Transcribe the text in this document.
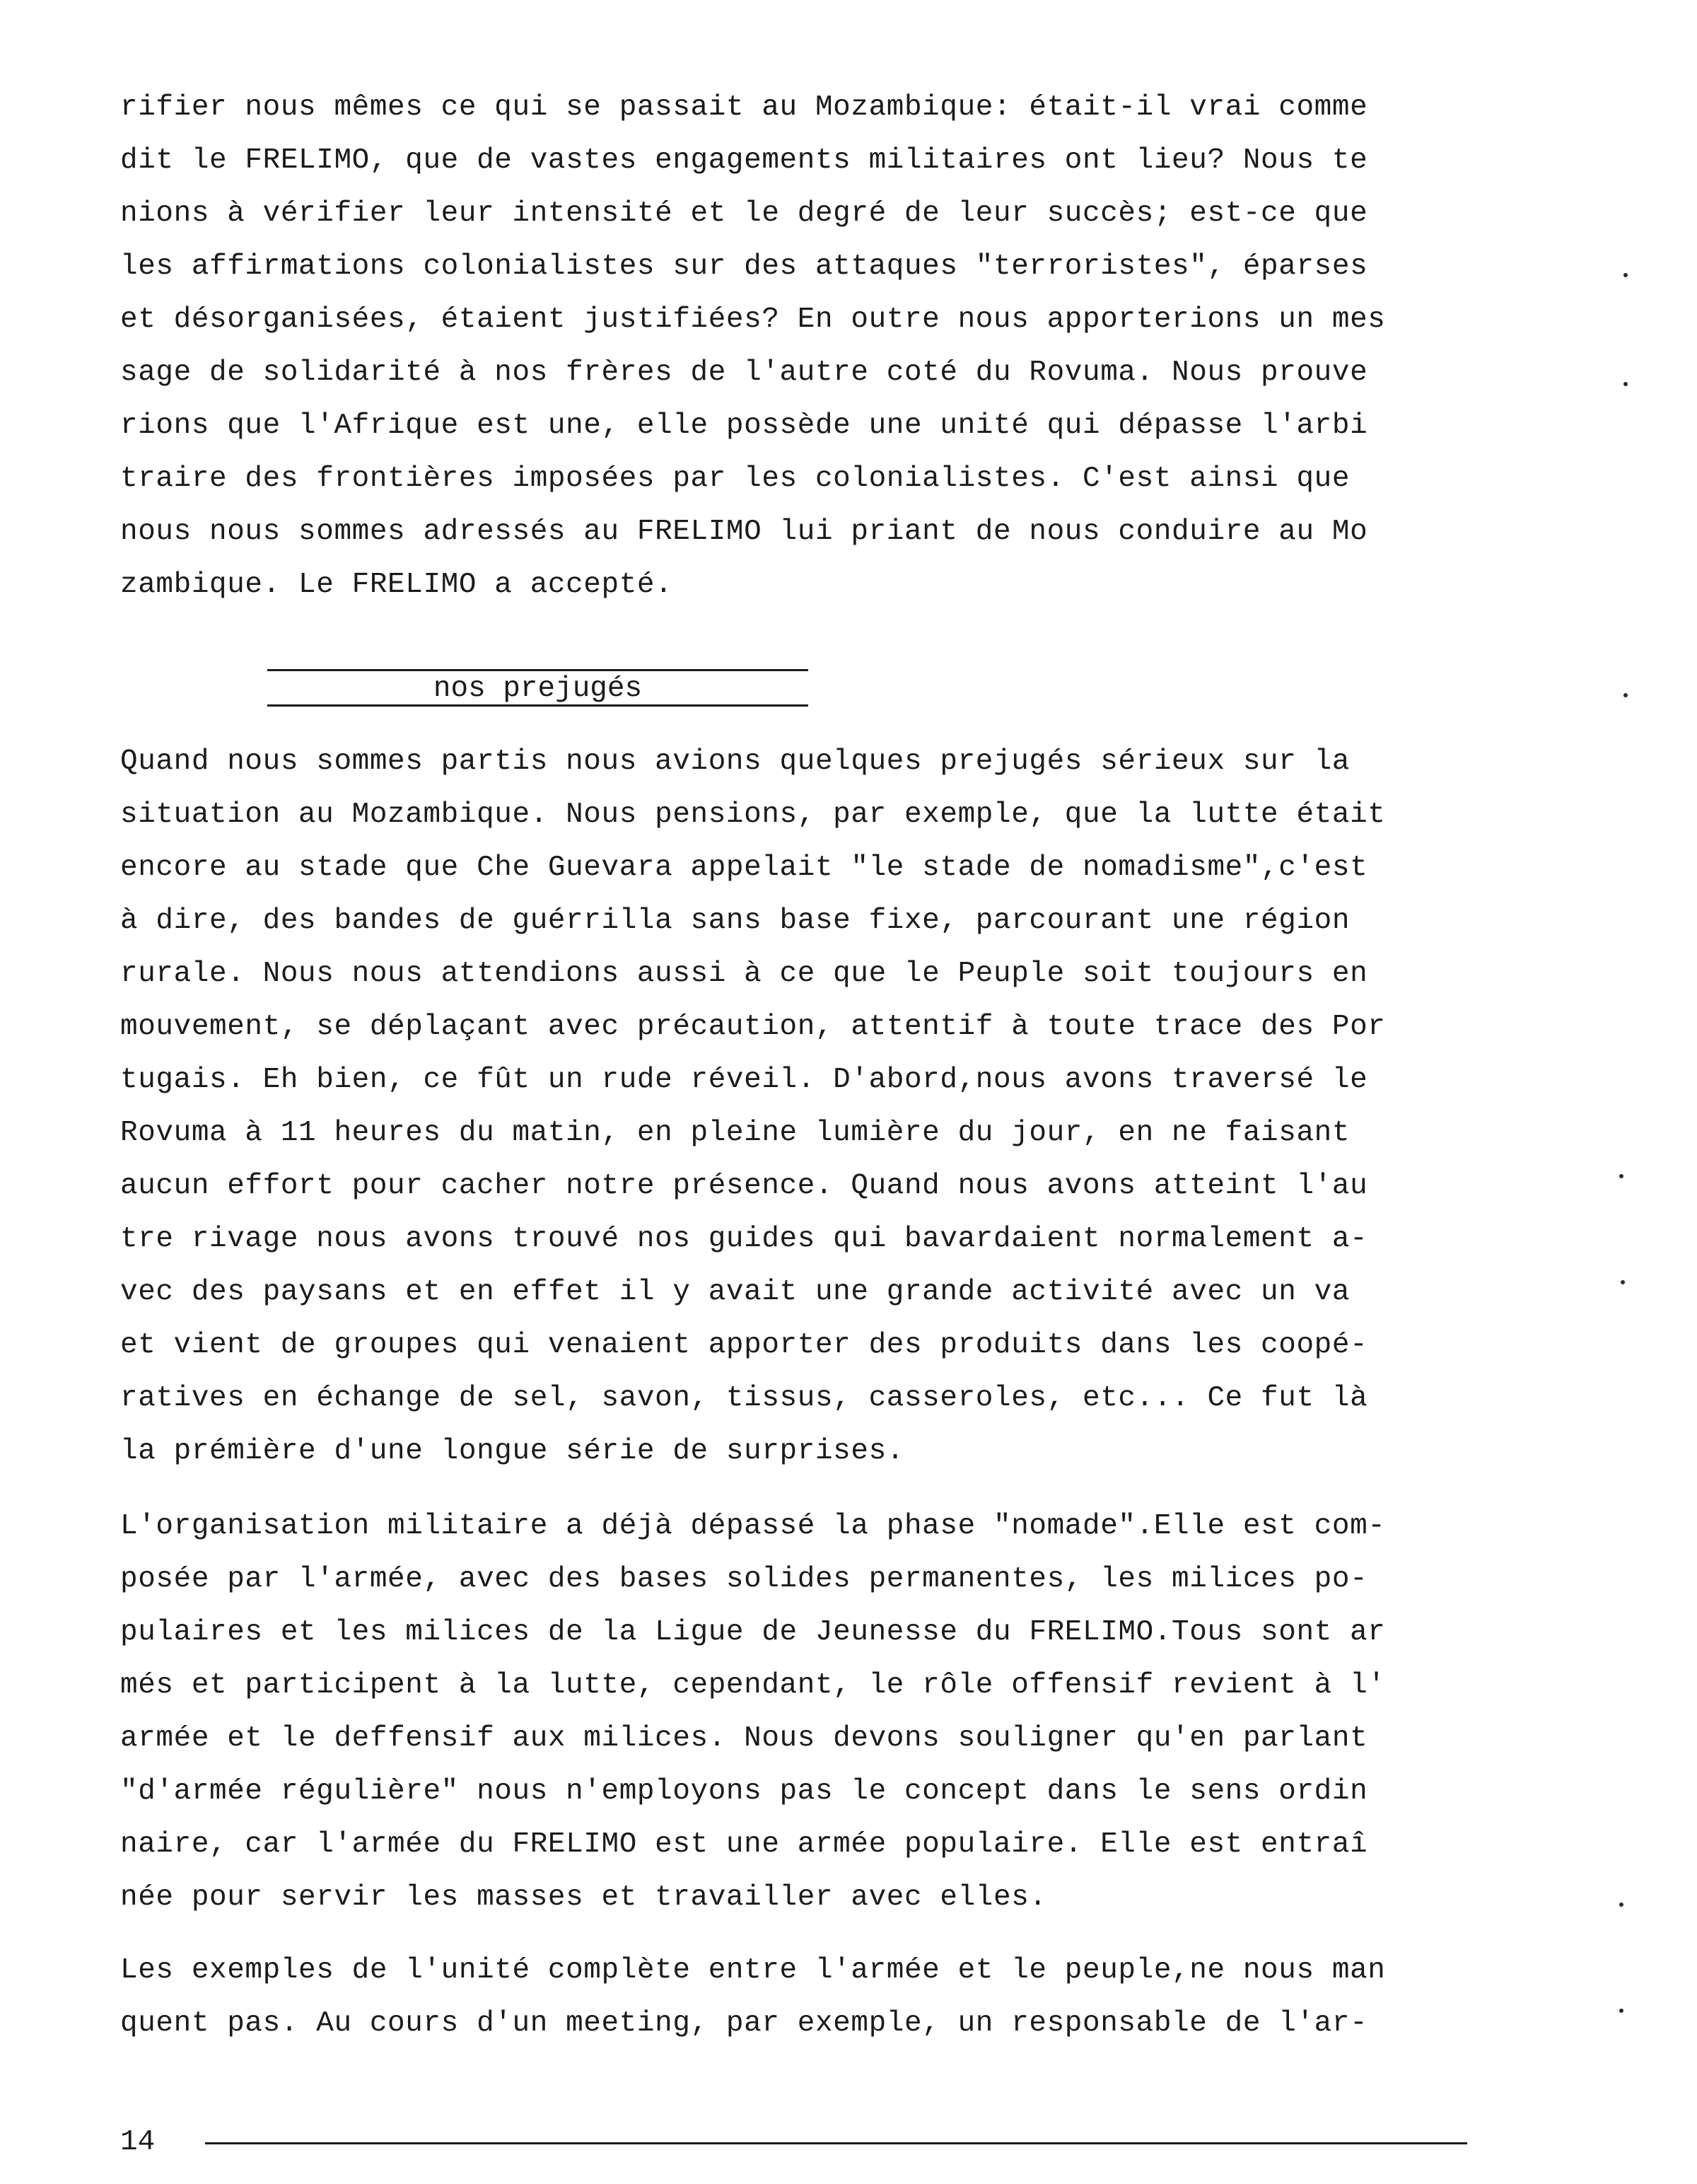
rifier nous mêmes ce qui se passait au Mozambique: était-il vrai comme
dit le FRELIMO, que de vastes engagements militaires ont lieu? Nous te
nions à vérifier leur intensité et le degré de leur succès; est-ce que
les affirmations colonialistes sur des attaques "terroristes", éparses
et désorganisées, étaient justifiées? En outre nous apporterions un mes
sage de solidarité à nos frères de l'autre coté du Rovuma. Nous prouve
rions que l'Afrique est une, elle possède une unité qui dépasse l'arbi
traire des frontières imposées par les colonialistes. C'est ainsi que
nous nous sommes adressés au FRELIMO lui priant de nous conduire au Mo
zambique. Le FRELIMO a accepté.
nos prejugés
Quand nous sommes partis nous avions quelques prejugés sérieux sur la
situation au Mozambique. Nous pensions, par exemple, que la lutte était
encore au stade que Che Guevara appelait "le stade de nomadisme",c'est
à dire, des bandes de guérrilla sans base fixe, parcourant une région
rurale. Nous nous attendions aussi à ce que le Peuple soit toujours en
mouvement, se déplaçant avec précaution, attentif à toute trace des Por
tugais. Eh bien, ce fût un rude réveil. D'abord,nous avons traversé le
Rovuma à 11 heures du matin, en pleine lumière du jour, en ne faisant
aucun effort pour cacher notre présence. Quand nous avons atteint l'au
tre rivage nous avons trouvé nos guides qui bavardaient normalement a-
vec des paysans et en effet il y avait une grande activité avec un va
et vient de groupes qui venaient apporter des produits dans les coopé-
ratives en échange de sel, savon, tissus, casseroles, etc... Ce fut là
la prémière d'une longue série de surprises.
L'organisation militaire a déjà dépassé la phase "nomade".Elle est com-
posée par l'armée, avec des bases solides permanentes, les milices po-
pulaires et les milices de la Ligue de Jeunesse du FRELIMO.Tous sont ar
més et participent à la lutte, cependant, le rôle offensif revient à l'
armée et le deffensif aux milices. Nous devons souligner qu'en parlant
"d'armée régulière" nous n'employons pas le concept dans le sens ordin
naire, car l'armée du FRELIMO est une armée populaire. Elle est entraî
née pour servir les masses et travailler avec elles.
Les exemples de l'unité complète entre l'armée et le peuple,ne nous man
quent pas. Au cours d'un meeting, par exemple, un responsable de l'ar-
14
